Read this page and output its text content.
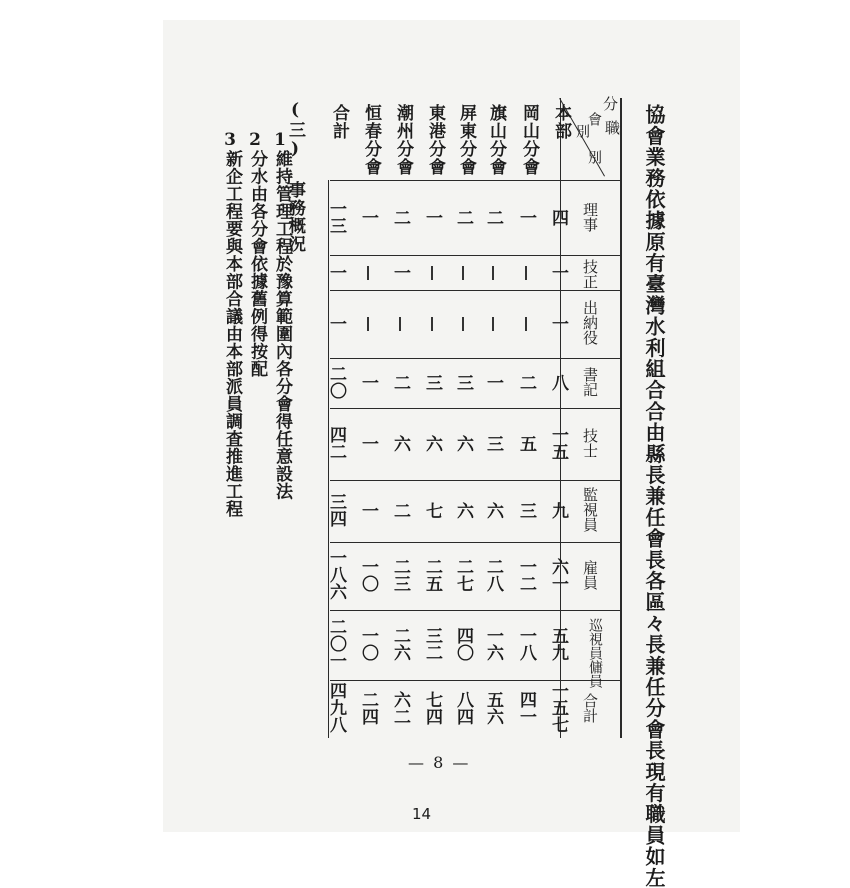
協會業務依據原有臺灣水利組合合由縣長兼任會長各區々長兼任分會長現有職員如左
(三) 事務概況
1
維持管理工程於豫算範圍內各分會得任意設法
2
分水由各分會依據舊例得按配
3
新企工程要與本部合議由本部派員調査推進工程
— 8 —
14
分
職
會
別
別
理事
技正
出納役
書記
技士
監視員
雇員
巡視員傭員
合計
本部
四
一
一
八
一五
九
六一
五九
一五七
岡山分會
一
二
五
三
一二
一八
四一
旗山分會
二
一
三
六
二八
一六
五六
屏東分會
二
三
六
六
二七
四〇
八四
東港分會
一
三
六
七
二五
三二
七四
潮州分會
二
一
二
六
二
二三
二六
六二
恒春分會
一
一
一
一
一〇
一〇
二四
合計
一三
一
一
二〇
四二
三四
一八六
二〇一
四九八
